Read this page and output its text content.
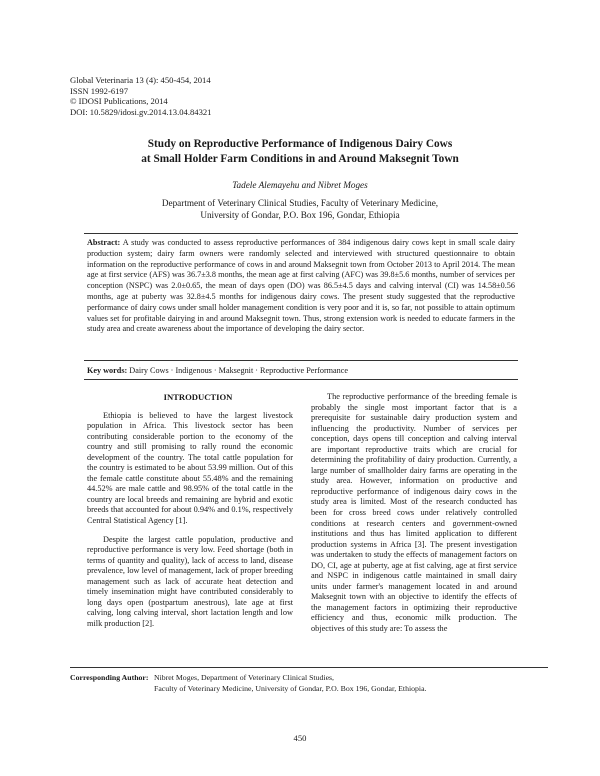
Global Veterinaria 13 (4): 450-454, 2014
ISSN 1992-6197
© IDOSI Publications, 2014
DOI: 10.5829/idosi.gv.2014.13.04.84321
Study on Reproductive Performance of Indigenous Dairy Cows
at Small Holder Farm Conditions in and Around Maksegnit Town
Tadele Alemayehu and Nibret Moges
Department of Veterinary Clinical Studies, Faculty of Veterinary Medicine,
University of Gondar, P.O. Box 196, Gondar, Ethiopia
Abstract: A study was conducted to assess reproductive performances of 384 indigenous dairy cows kept in small scale dairy production system; dairy farm owners were randomly selected and interviewed with structured questionnaire to obtain information on the reproductive performance of cows in and around Maksegnit town from October 2013 to April 2014. The mean age at first service (AFS) was 36.7±3.8 months, the mean age at first calving (AFC) was 39.8±5.6 months, number of services per conception (NSPC) was 2.0±0.65, the mean of days open (DO) was 86.5±4.5 days and calving interval (CI) was 14.58±0.56 months, age at puberty was 32.8±4.5 months for indigenous dairy cows. The present study suggested that the reproductive performance of dairy cows under small holder management condition is very poor and it is, so far, not possible to attain optimum values set for profitable dairying in and around Maksegnit town. Thus, strong extension work is needed to educate farmers in the study area and create awareness about the importance of developing the dairy sector.
Key words: Dairy Cows · Indigenous · Maksegnit · Reproductive Performance

INTRODUCTION

Ethiopia is believed to have the largest livestock population in Africa. This livestock sector has been contributing considerable portion to the economy of the country and still promising to rally round the economic development of the country. The total cattle population for the country is estimated to be about 53.99 million. Out of this the female cattle constitute about 55.48% and the remaining 44.52% are male cattle and 98.95% of the total cattle in the country are local breeds and remaining are hybrid and exotic breeds that accounted for about 0.94% and 0.1%, respectively Central Statistical Agency [1].

Despite the largest cattle population, productive and reproductive performance is very low. Feed shortage (both in terms of quantity and quality), lack of access to land, disease prevalence, low level of management, lack of proper breeding management such as lack of accurate heat detection and timely insemination might have contributed considerably to long days open (postpartum anestrous), late age at first calving, long calving interval, short lactation length and low milk production [2].

The reproductive performance of the breeding female is probably the single most important factor that is a prerequisite for sustainable dairy production system and influencing the productivity. Number of services per conception, days opens till conception and calving interval are important reproductive traits which are crucial for determining the profitability of dairy production. Currently, a large number of smallholder dairy farms are operating in the study area. However, information on productive and reproductive performance of indigenous dairy cows in the study area is limited. Most of the research conducted has been for cross breed cows under relatively controlled conditions at research centers and government-owned institutions and thus has limited application to different production systems in Africa [3]. The present investigation was undertaken to study the effects of management factors on DO, CI, age at puberty, age at fist calving, age at first service and NSPC in indigenous cattle maintained in small dairy units under farmer's management located in and around Maksegnit town with an objective to identify the effects of the management factors in optimizing their reproductive efficiency and thus, economic milk production. The objectives of this study are: To assess the

Corresponding Author: Nibret Moges, Department of Veterinary Clinical Studies,
Faculty of Veterinary Medicine, University of Gondar, P.O. Box 196, Gondar, Ethiopia.
450
